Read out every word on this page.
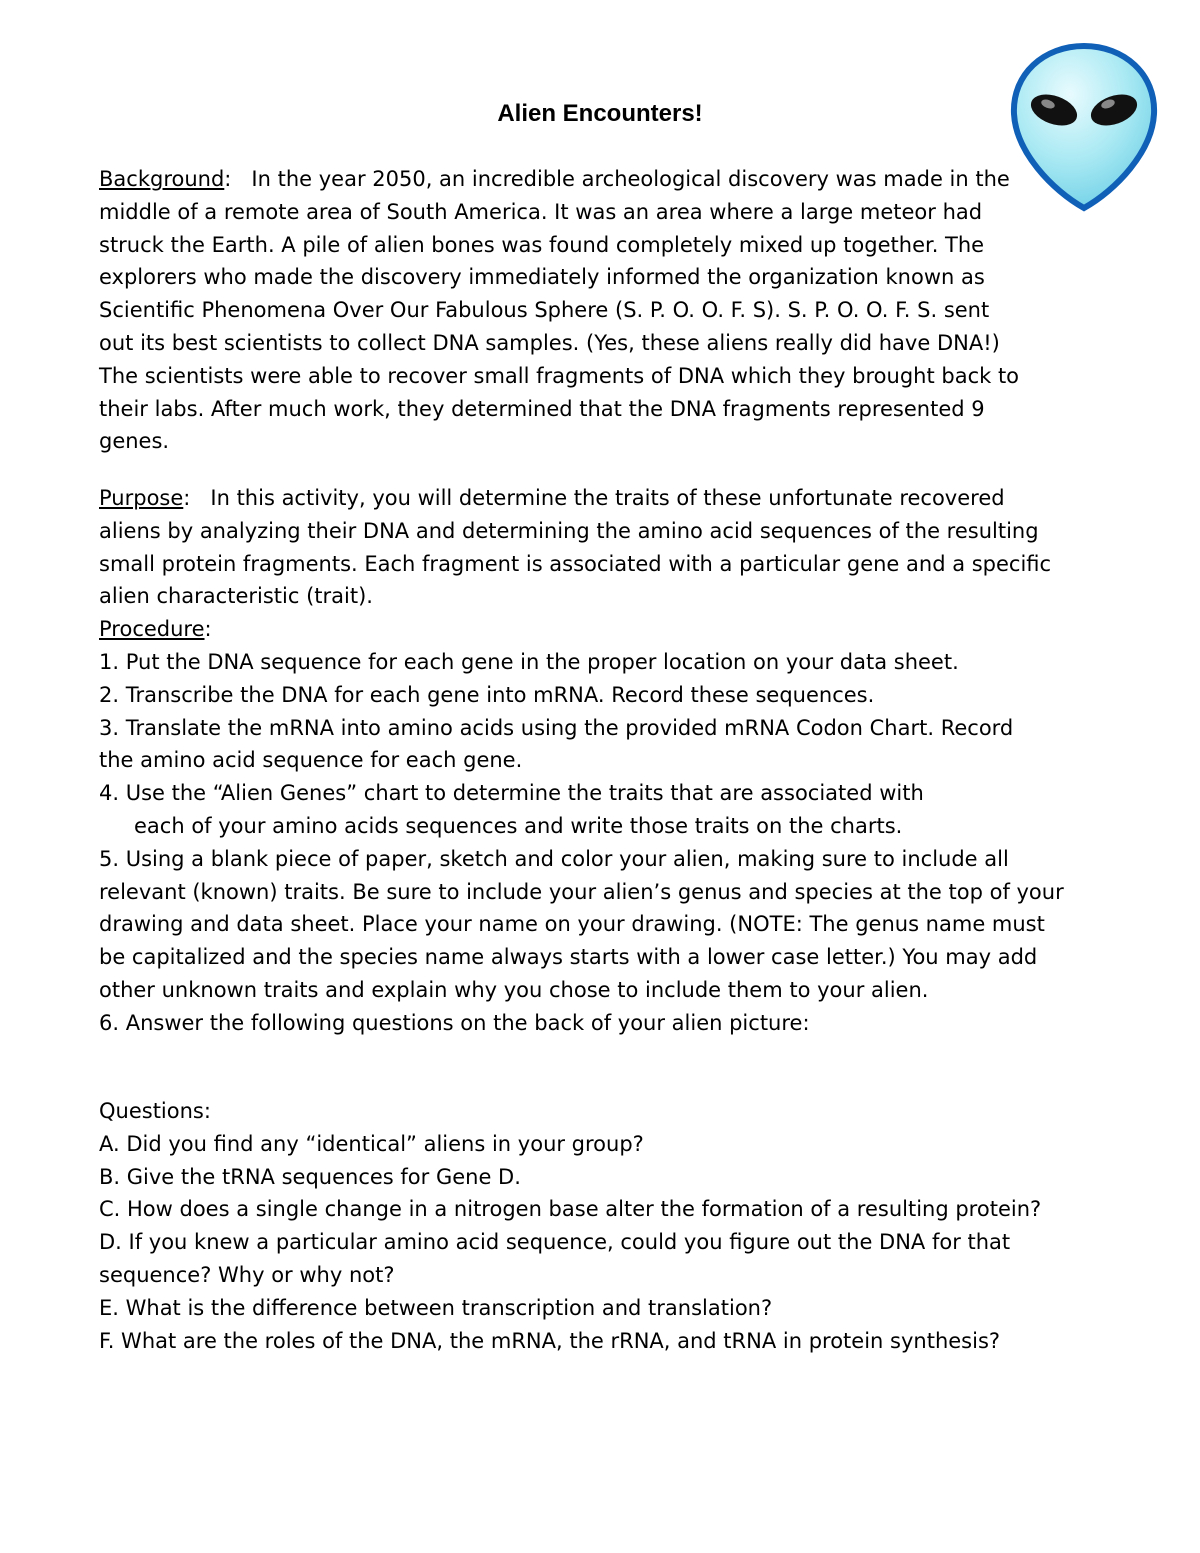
Alien Encounters!
Background: In the year 2050, an incredible archeological discovery was made in the
middle of a remote area of South America. It was an area where a large meteor had
struck the Earth. A pile of alien bones was found completely mixed up together. The
explorers who made the discovery immediately informed the organization known as
Scientific Phenomena Over Our Fabulous Sphere (S. P. O. O. F. S). S. P. O. O. F. S. sent
out its best scientists to collect DNA samples. (Yes, these aliens really did have DNA!)
The scientists were able to recover small fragments of DNA which they brought back to
their labs. After much work, they determined that the DNA fragments represented 9
genes.
Purpose: In this activity, you will determine the traits of these unfortunate recovered
aliens by analyzing their DNA and determining the amino acid sequences of the resulting
small protein fragments. Each fragment is associated with a particular gene and a specific
alien characteristic (trait).
Procedure:
1. Put the DNA sequence for each gene in the proper location on your data sheet.
2. Transcribe the DNA for each gene into mRNA. Record these sequences.
3. Translate the mRNA into amino acids using the provided mRNA Codon Chart. Record
the amino acid sequence for each gene.
4. Use the “Alien Genes” chart to determine the traits that are associated with
each of your amino acids sequences and write those traits on the charts.
5. Using a blank piece of paper, sketch and color your alien, making sure to include all
relevant (known) traits. Be sure to include your alien’s genus and species at the top of your
drawing and data sheet. Place your name on your drawing. (NOTE: The genus name must
be capitalized and the species name always starts with a lower case letter.) You may add
other unknown traits and explain why you chose to include them to your alien.
6. Answer the following questions on the back of your alien picture:
Questions:
A. Did you find any “identical” aliens in your group?
B. Give the tRNA sequences for Gene D.
C. How does a single change in a nitrogen base alter the formation of a resulting protein?
D. If you knew a particular amino acid sequence, could you figure out the DNA for that
sequence? Why or why not?
E. What is the difference between transcription and translation?
F. What are the roles of the DNA, the mRNA, the rRNA, and tRNA in protein synthesis?
